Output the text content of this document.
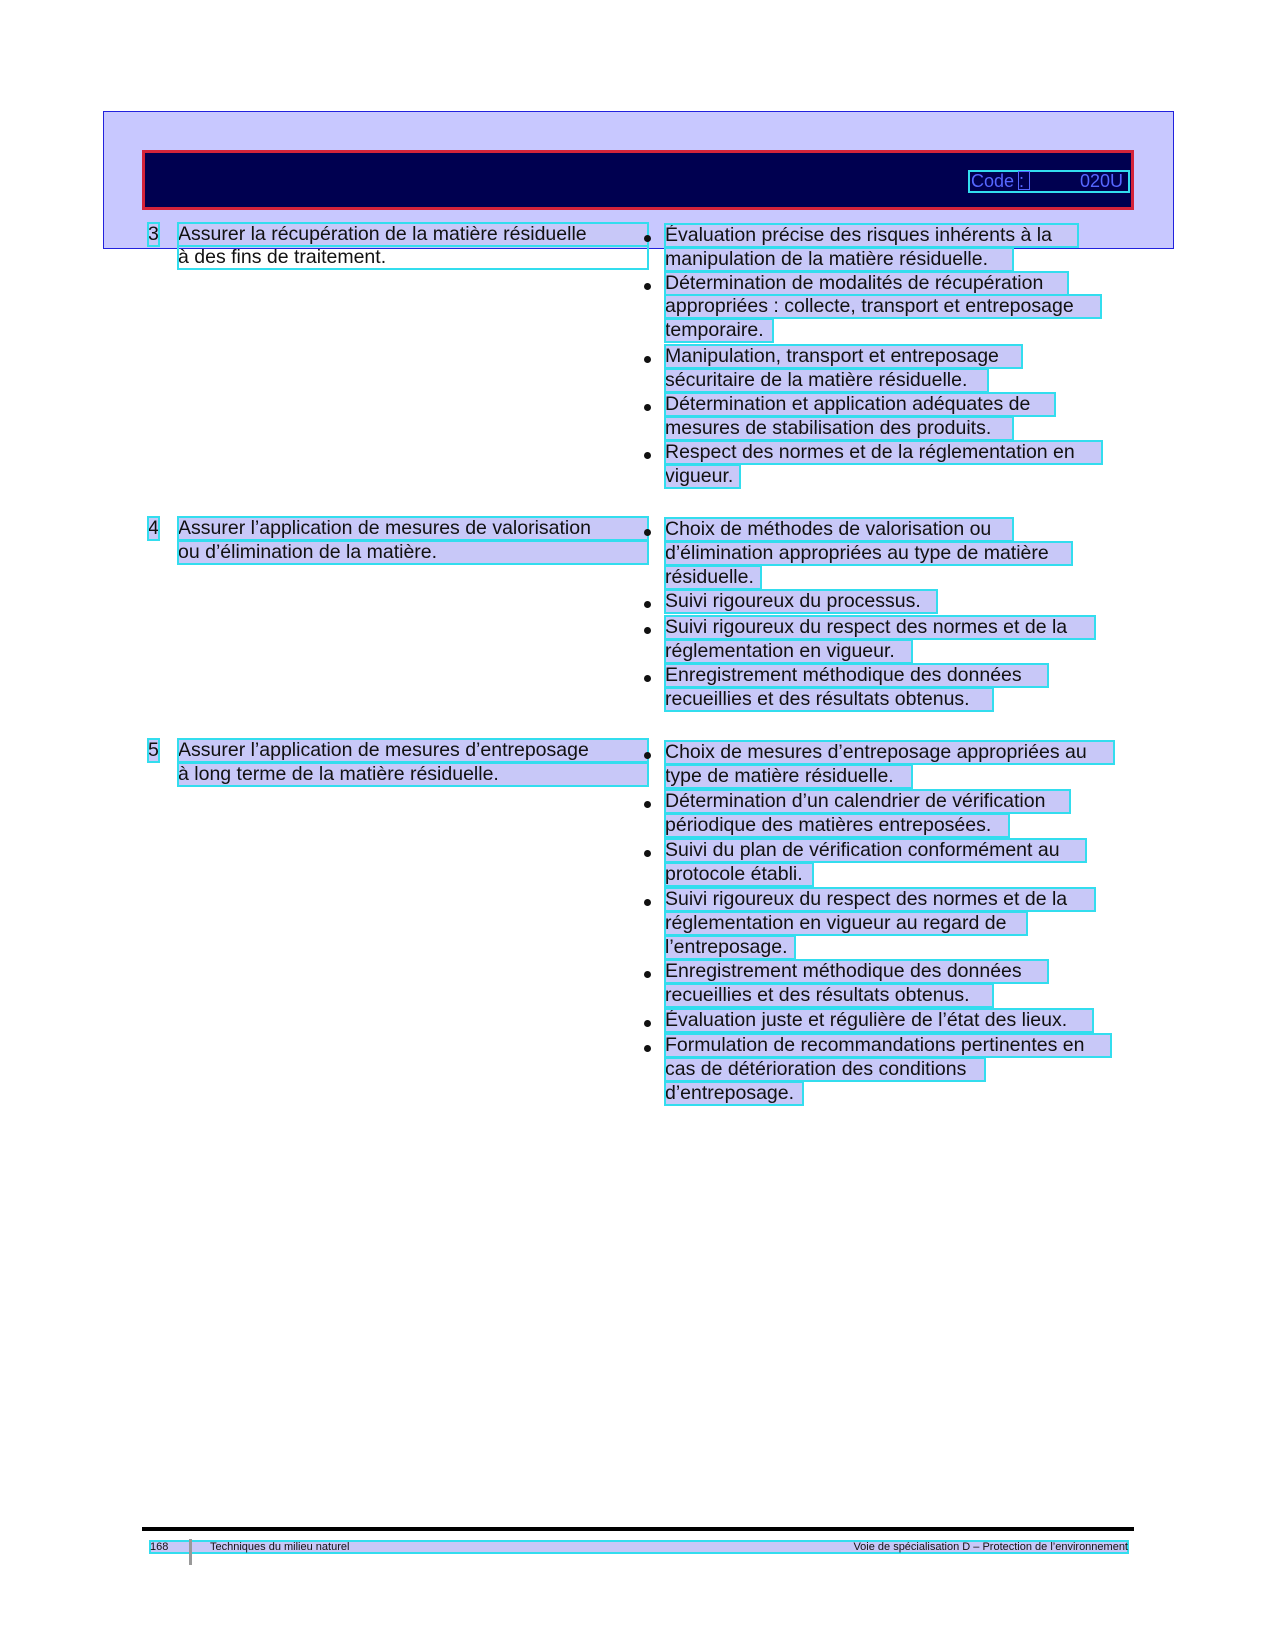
Code :	020U
3 Assurer la récupération de la matière résiduelle
à des fins de traitement.
Évaluation précise des risques inhérents à la
manipulation de la matière résiduelle.
Détermination de modalités de récupération
appropriées : collecte, transport et entreposage
temporaire.
Manipulation, transport et entreposage
sécuritaire de la matière résiduelle.
Détermination et application adéquates de
mesures de stabilisation des produits.
Respect des normes et de la réglementation en
vigueur.
4 Assurer l’application de mesures de valorisation
ou d’élimination de la matière.
Choix de méthodes de valorisation ou
d’élimination appropriées au type de matière
résiduelle.
Suivi rigoureux du processus.
Suivi rigoureux du respect des normes et de la
réglementation en vigueur.
Enregistrement méthodique des données
recueillies et des résultats obtenus.
5 Assurer l’application de mesures d’entreposage
à long terme de la matière résiduelle.
Choix de mesures d’entreposage appropriées au
type de matière résiduelle.
Détermination d’un calendrier de vérification
périodique des matières entreposées.
Suivi du plan de vérification conformément au
protocole établi.
Suivi rigoureux du respect des normes et de la
réglementation en vigueur au regard de
l’entreposage.
Enregistrement méthodique des données
recueillies et des résultats obtenus.
Évaluation juste et régulière de l’état des lieux.
Formulation de recommandations pertinentes en
cas de détérioration des conditions
d’entreposage.
168	Techniques du milieu naturel	Voie de spécialisation D – Protection de l’environnement
